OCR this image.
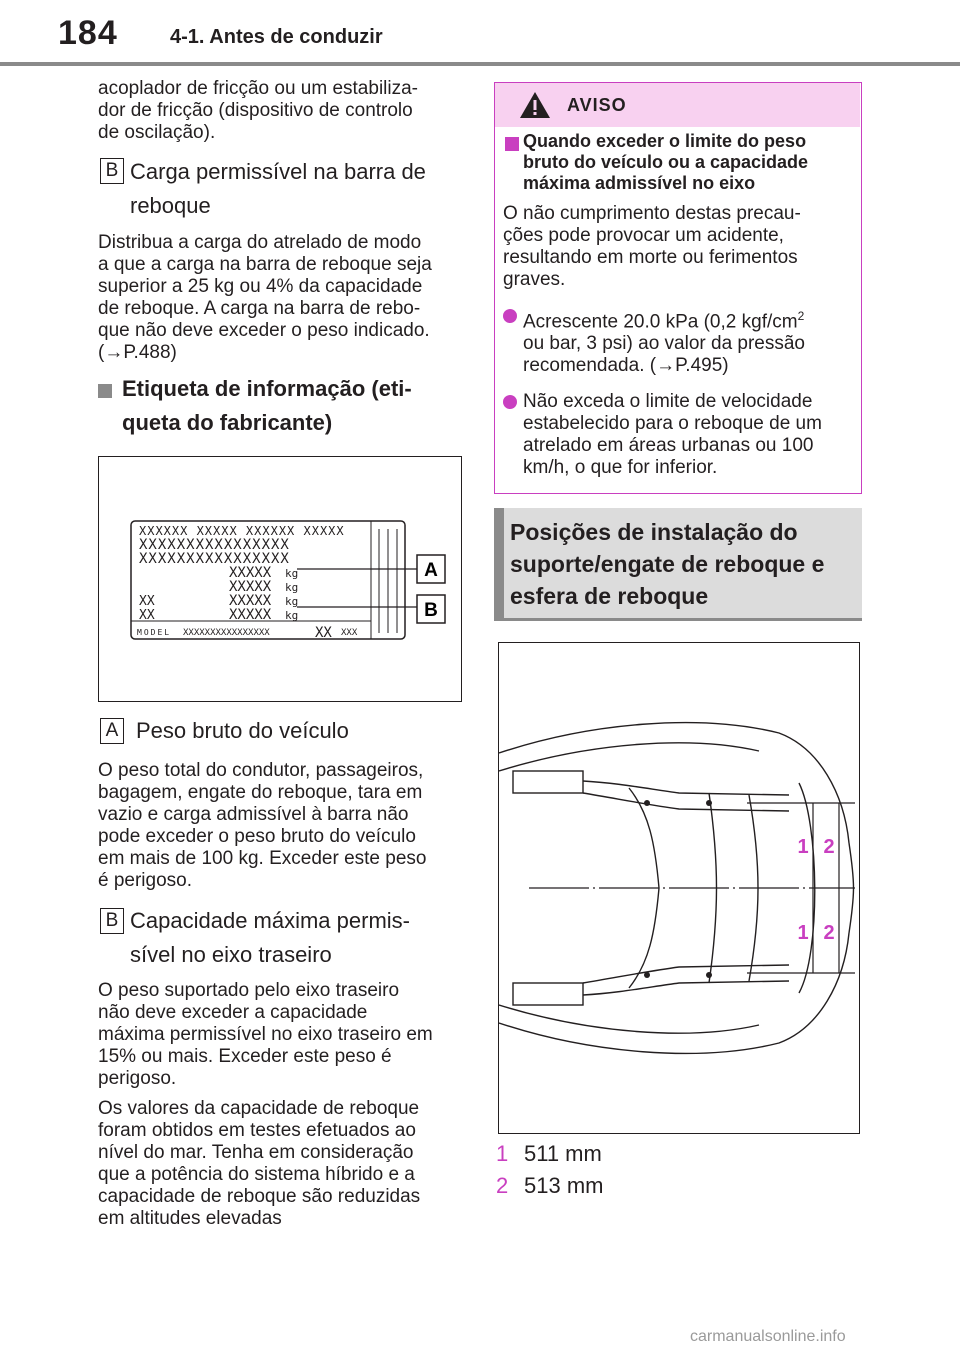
184	4-1. Antes de conduzir
acoplador de fricção ou um estabiliza-
dor de fricção (dispositivo de controlo
de oscilação).
B Carga permissível na barra de
reboque
Distribua a carga do atrelado de modo
a que a carga na barra de reboque seja
superior a 25 kg ou 4% da capacidade
de reboque. A carga na barra de rebo-
que não deve exceder o peso indicado.
(→P.488)
Etiqueta de informação (eti-
queta do fabricante)
XXXXXX XXXXX XXXXXX XXXXX
XXXXXXXXXXXXXXXX
XXXXXXXXXXXXXXXX
XXXXX
XXXXX
XXXXX
XXXXX
kg
kg
kg
kg
XX
XX
MODEL XXXXXXXXXXXXXXXX	XX XXX
A
B
A Peso bruto do veículo
O peso total do condutor, passageiros,
bagagem, engate do reboque, tara em
vazio e carga admissível à barra não
pode exceder o peso bruto do veículo
em mais de 100 kg. Exceder este peso
é perigoso.
B Capacidade máxima permis-
sível no eixo traseiro
O peso suportado pelo eixo traseiro
não deve exceder a capacidade
máxima permissível no eixo traseiro em
15% ou mais. Exceder este peso é
perigoso.
Os valores da capacidade de reboque
foram obtidos em testes efetuados ao
nível do mar. Tenha em consideração
que a potência do sistema híbrido e a
capacidade de reboque são reduzidas
em altitudes elevadas
AVISO
Quando exceder o limite do peso
bruto do veículo ou a capacidade
máxima admissível no eixo
O não cumprimento destas precau-
ções pode provocar um acidente,
resultando em morte ou ferimentos
graves.
Acrescente 20.0 kPa (0,2 kgf/$cm^2$
ou bar, 3 psi) ao valor da pressão
recomendada. (→P.495)
Não exceda o limite de velocidade
estabelecido para o reboque de um
atrelado em áreas urbanas ou 100
km/h, o que for inferior.
Posições de instalação do
suporte/engate de reboque e
esfera de reboque
1 2
1 2
1 511 mm
2 513 mm
carmanualsonline.info
